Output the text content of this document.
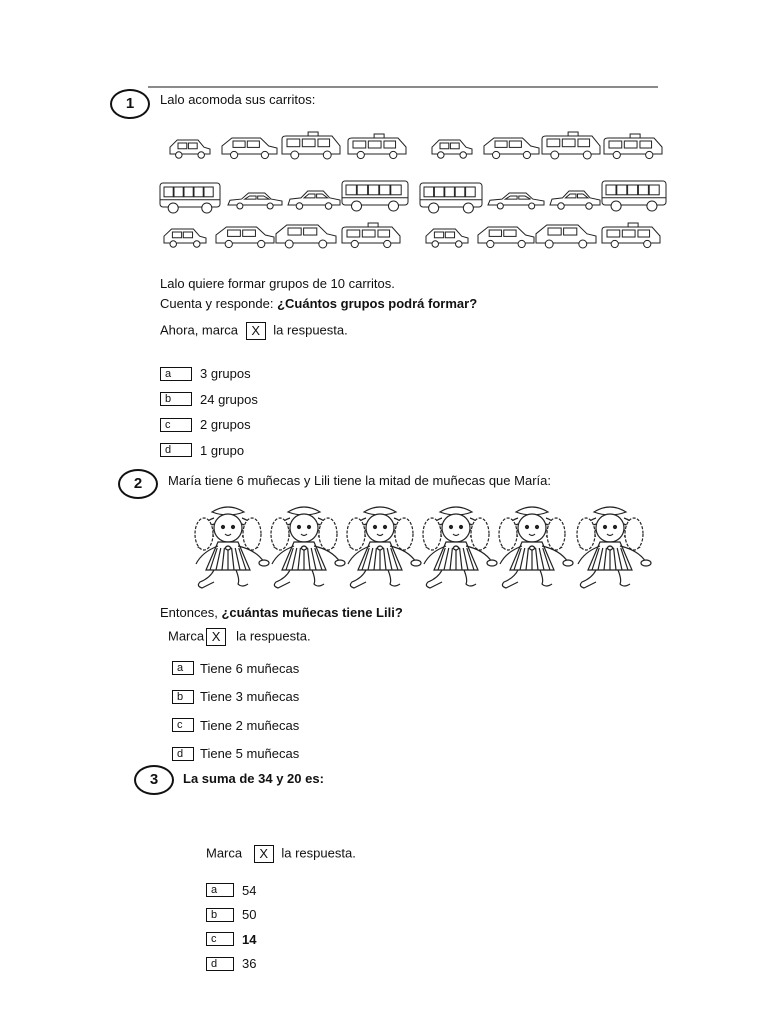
1	Lalo acomoda sus carritos:
Lalo quiere formar grupos de 10 carritos.
Cuenta y responde: ¿Cuántos grupos podrá formar?
Ahora, marca X la respuesta.
a	3 grupos
b	24 grupos
c	2 grupos
d	1 grupo
2	María tiene 6 muñecas y Lili tiene la mitad de muñecas que María:
Entonces, ¿cuántas muñecas tiene Lili?
Marca X la respuesta.
a	Tiene 6 muñecas
b	Tiene 3 muñecas
c	Tiene 2 muñecas
d	Tiene 5 muñecas
3	La suma de 34 y 20 es:
Marca X la respuesta.
a	54
b	50
c	14
d	36
